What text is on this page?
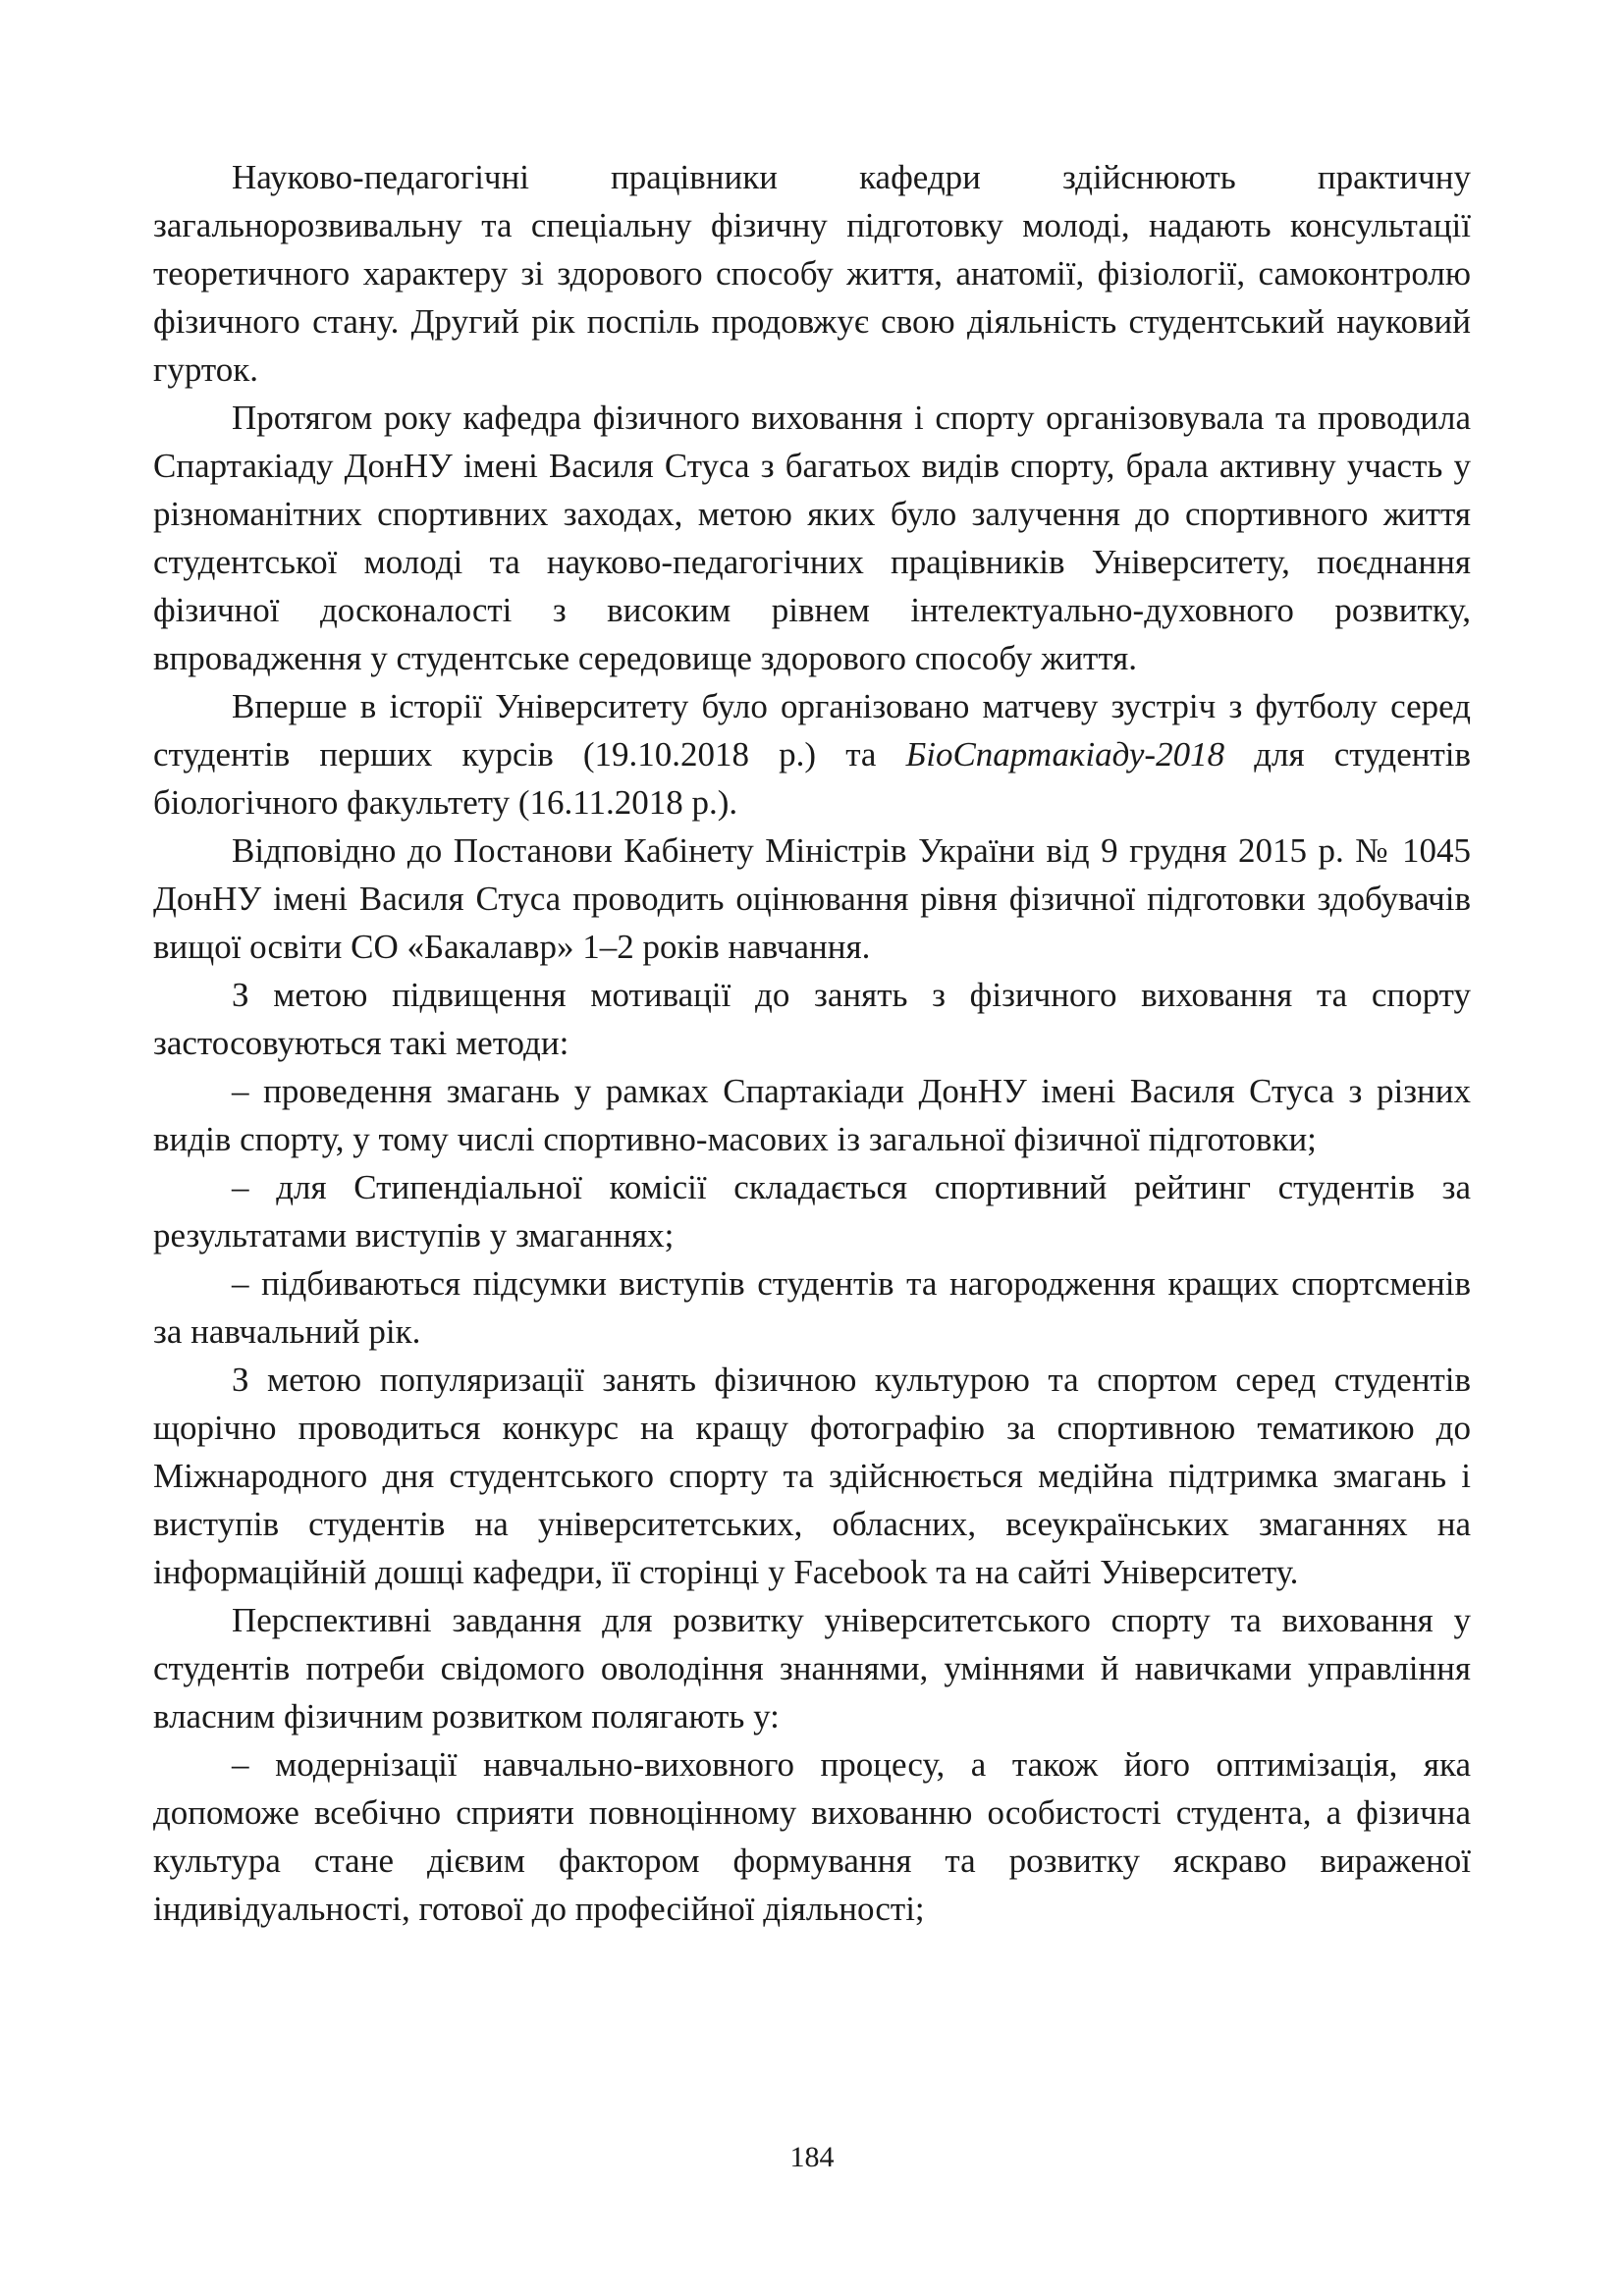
Науково-педагогічні працівники кафедри здійснюють практичну загальнорозвивальну та спеціальну фізичну підготовку молоді, надають консультації теоретичного характеру зі здорового способу життя, анатомії, фізіології, самоконтролю фізичного стану. Другий рік поспіль продовжує свою діяльність студентський науковий гурток.

Протягом року кафедра фізичного виховання і спорту організовувала та проводила Спартакіаду ДонНУ імені Василя Стуса з багатьох видів спорту, брала активну участь у різноманітних спортивних заходах, метою яких було залучення до спортивного життя студентської молоді та науково-педагогічних працівників Університету, поєднання фізичної досконалості з високим рівнем інтелектуально-духовного розвитку, впровадження у студентське середовище здорового способу життя.

Вперше в історії Університету було організовано матчеву зустріч з футболу серед студентів перших курсів (19.10.2018 р.) та БіоСпартакіаду-2018 для студентів біологічного факультету (16.11.2018 р.).

Відповідно до Постанови Кабінету Міністрів України від 9 грудня 2015 р. № 1045 ДонНУ імені Василя Стуса проводить оцінювання рівня фізичної підготовки здобувачів вищої освіти СО «Бакалавр» 1–2 років навчання.

З метою підвищення мотивації до занять з фізичного виховання та спорту застосовуються такі методи:

– проведення змагань у рамках Спартакіади ДонНУ імені Василя Стуса з різних видів спорту, у тому числі спортивно-масових із загальної фізичної підготовки;

– для Стипендіальної комісії складається спортивний рейтинг студентів за результатами виступів у змаганнях;

– підбиваються підсумки виступів студентів та нагородження кращих спортсменів за навчальний рік.

З метою популяризації занять фізичною культурою та спортом серед студентів щорічно проводиться конкурс на кращу фотографію за спортивною тематикою до Міжнародного дня студентського спорту та здійснюється медійна підтримка змагань і виступів студентів на університетських, обласних, всеукраїнських змаганнях на інформаційній дошці кафедри, її сторінці у Facebook та на сайті Університету.

Перспективні завдання для розвитку університетського спорту та виховання у студентів потреби свідомого оволодіння знаннями, уміннями й навичками управління власним фізичним розвитком полягають у:

– модернізації навчально-виховного процесу, а також його оптимізація, яка допоможе всебічно сприяти повноцінному вихованню особистості студента, а фізична культура стане дієвим фактором формування та розвитку яскраво вираженої індивідуальності, готової до професійної діяльності;

184
